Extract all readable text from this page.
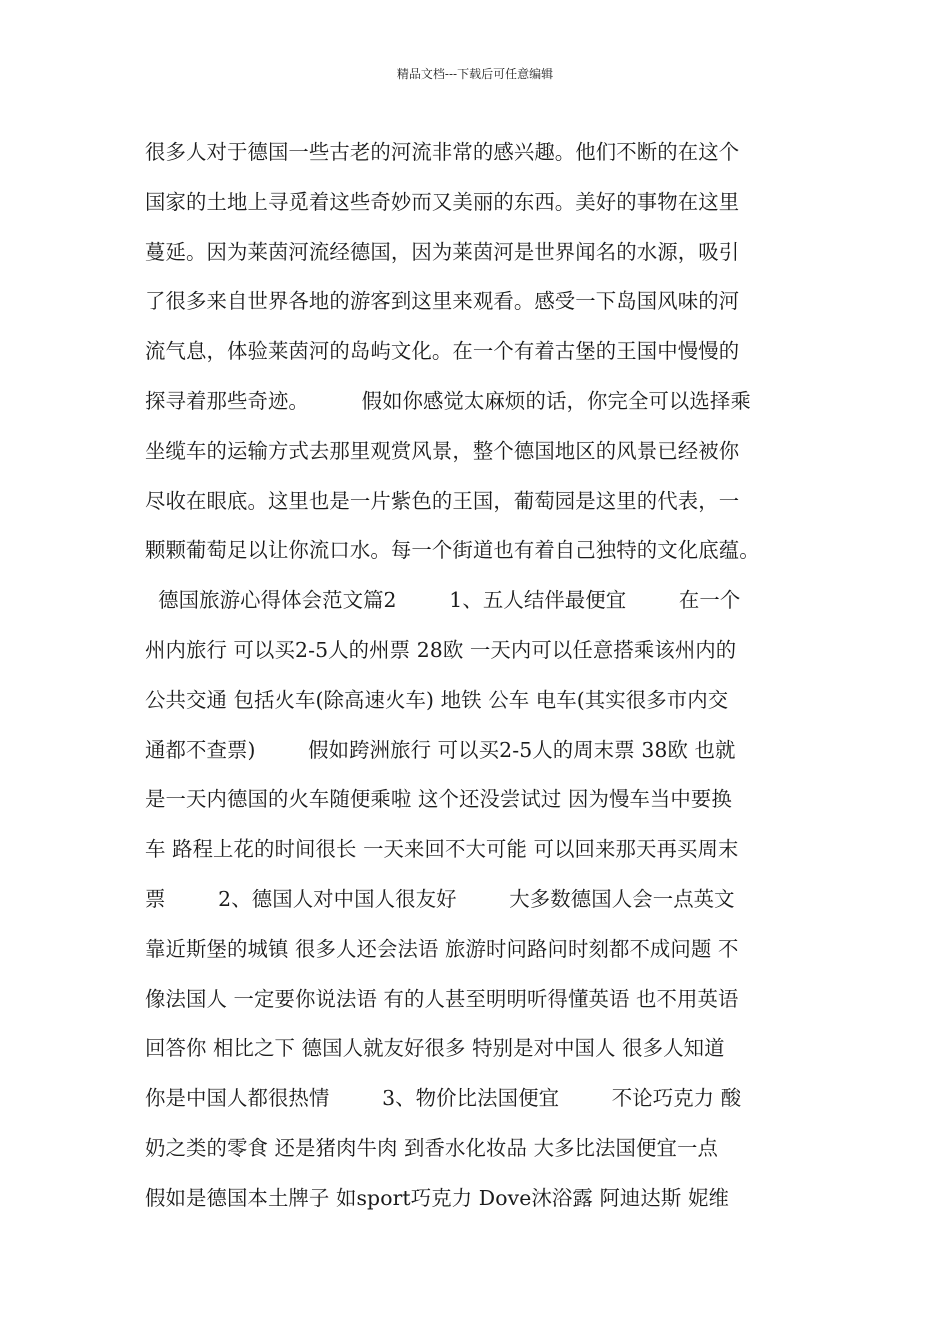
精品文档---下载后可任意编辑
很多人对于德国一些古老的河流非常的感兴趣。他们不断的在这个
国家的土地上寻觅着这些奇妙而又美丽的东西。美好的事物在这里
蔓延。因为莱茵河流经德国，因为莱茵河是世界闻名的水源，吸引
了很多来自世界各地的游客到这里来观看。感受一下岛国风味的河
流气息，体验莱茵河的岛屿文化。在一个有着古堡的王国中慢慢的
探寻着那些奇迹。        假如你感觉太麻烦的话，你完全可以选择乘
坐缆车的运输方式去那里观赏风景，整个德国地区的风景已经被你
尽收在眼底。这里也是一片紫色的王国，葡萄园是这里的代表，一
颗颗葡萄足以让你流口水。每一个街道也有着自己独特的文化底蕴。
德国旅游心得体会范文篇2        1、五人结伴最便宜        在一个
州内旅行 可以买2-5人的州票 28欧 一天内可以任意搭乘该州内的
公共交通 包括火车(除高速火车) 地铁 公车 电车(其实很多市内交
通都不查票)        假如跨洲旅行 可以买2-5人的周末票 38欧 也就
是一天内德国的火车随便乘啦 这个还没尝试过 因为慢车当中要换
车 路程上花的时间很长 一天来回不大可能 可以回来那天再买周末
票        2、德国人对中国人很友好        大多数德国人会一点英文
靠近斯堡的城镇 很多人还会法语 旅游时问路问时刻都不成问题 不
像法国人 一定要你说法语 有的人甚至明明听得懂英语 也不用英语
回答你 相比之下 德国人就友好很多 特别是对中国人 很多人知道
你是中国人都很热情        3、物价比法国便宜        不论巧克力 酸
奶之类的零食 还是猪肉牛肉 到香水化妆品 大多比法国便宜一点
假如是德国本土牌子 如sport巧克力 Dove沐浴露 阿迪达斯 妮维
